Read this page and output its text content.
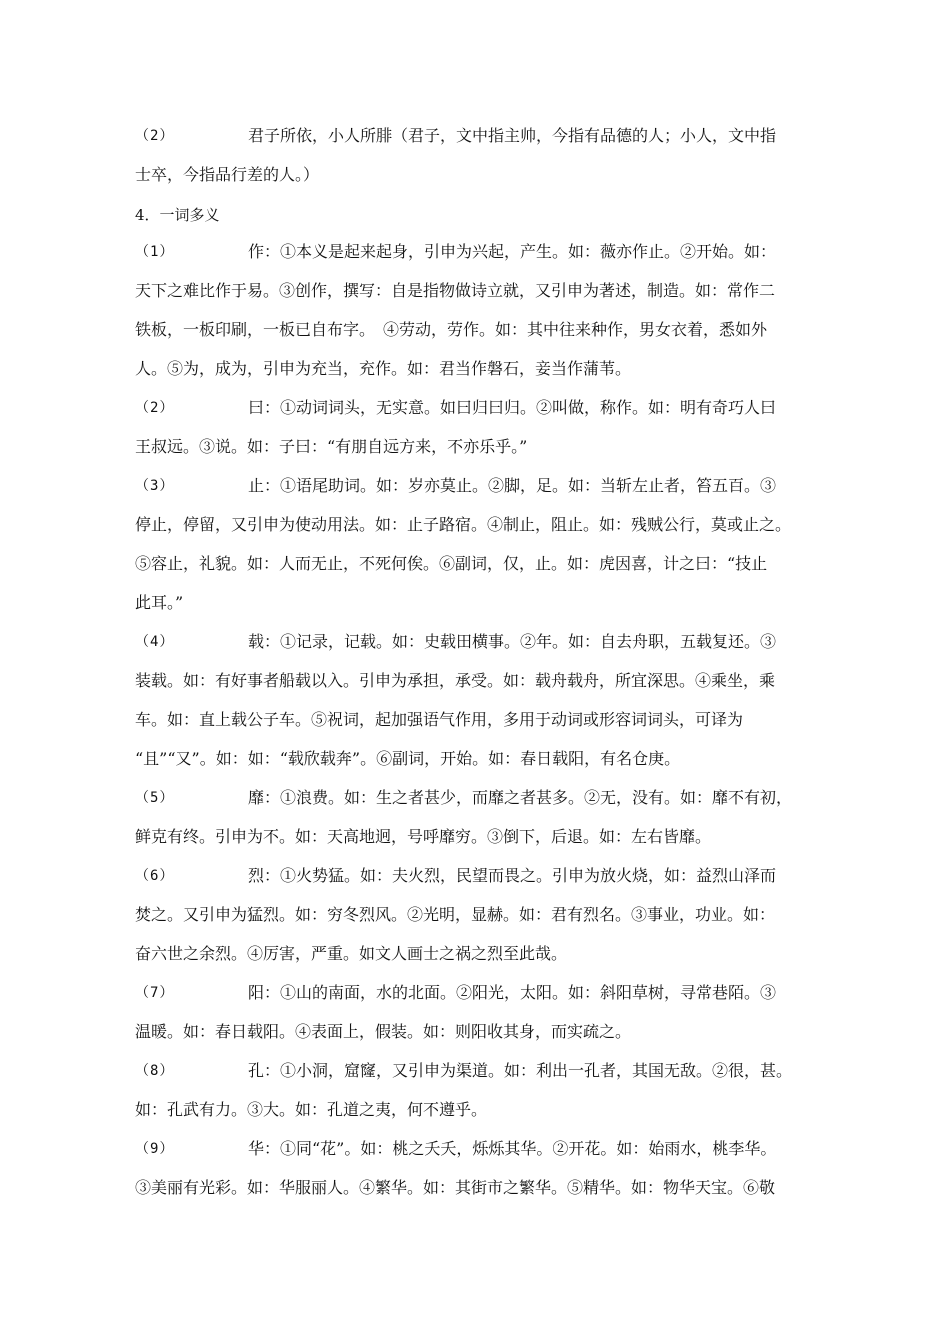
（2）	君子所依，小人所腓（君子，文中指主帅，今指有品德的人；小人，文中指
士卒，今指品行差的人。）
4．一词多义
（1）	作：①本义是起来起身，引申为兴起，产生。如：薇亦作止。②开始。如：
天下之难比作于易。③创作，撰写：自是指物做诗立就，又引申为著述，制造。如：常作二
铁板，一板印刷，一板已自布字。　④劳动，劳作。如：其中往来种作，男女衣着，悉如外
人。⑤为，成为，引申为充当，充作。如：君当作磐石，妾当作蒲苇。
（2）	曰：①动词词头，无实意。如曰归曰归。②叫做，称作。如：明有奇巧人曰
王叔远。③说。如：子曰：“有朋自远方来，不亦乐乎。”
（3）	止：①语尾助词。如：岁亦莫止。②脚，足。如：当斩左止者，笞五百。③
停止，停留，又引申为使动用法。如：止子路宿。④制止，阻止。如：残贼公行，莫或止之。
⑤容止，礼貌。如：人而无止，不死何俟。⑥副词，仅，止。如：虎因喜，计之曰：“技止
此耳。”
（4）	载：①记录，记载。如：史载田横事。②年。如：自去舟职，五载复还。③
装载。如：有好事者船载以入。引申为承担，承受。如：载舟载舟，所宜深思。④乘坐，乘
车。如：直上载公子车。⑤祝词，起加强语气作用，多用于动词或形容词词头，可译为
“且”“又”。如：如：“载欣载奔”。⑥副词，开始。如：春日载阳，有名仓庚。
（5）	靡：①浪费。如：生之者甚少，而靡之者甚多。②无，没有。如：靡不有初，
鲜克有终。引申为不。如：天高地迥，号呼靡穷。③倒下，后退。如：左右皆靡。
（6）	烈：①火势猛。如：夫火烈，民望而畏之。引申为放火烧，如：益烈山泽而
焚之。又引申为猛烈。如：穷冬烈风。②光明，显赫。如：君有烈名。③事业，功业。如：
奋六世之余烈。④厉害，严重。如文人画士之祸之烈至此哉。
（7）	阳：①山的南面，水的北面。②阳光，太阳。如：斜阳草树，寻常巷陌。③
温暖。如：春日载阳。④表面上，假装。如：则阳收其身，而实疏之。
（8）	孔：①小洞，窟窿，又引申为渠道。如：利出一孔者，其国无敌。②很，甚。
如：孔武有力。③大。如：孔道之夷，何不遵乎。
（9）	华：①同“花”。如：桃之夭夭，烁烁其华。②开花。如：始雨水，桃李华。
③美丽有光彩。如：华服丽人。④繁华。如：其街市之繁华。⑤精华。如：物华天宝。⑥敬
